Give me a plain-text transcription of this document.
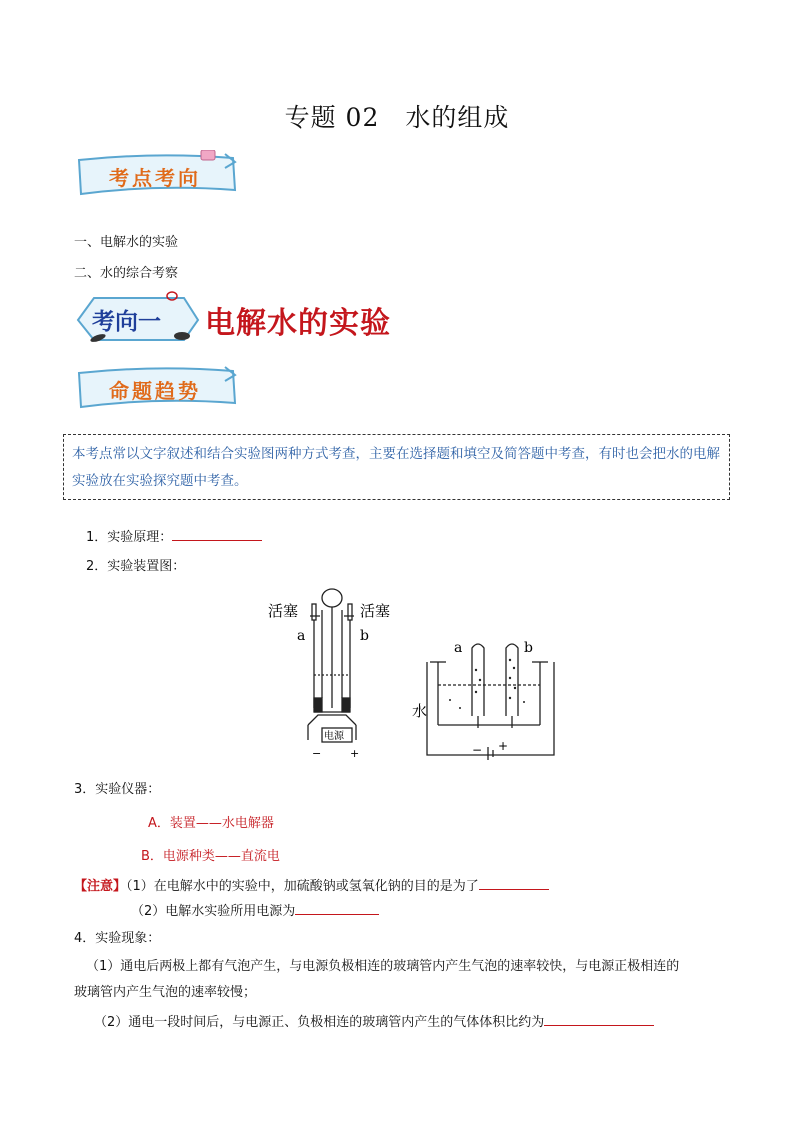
专题 02 水的组成
考点考向
一、电解水的实验
二、水的综合考察
考向一 电解水的实验
命题趋势
本考点常以文字叙述和结合实验图两种方式考查，主要在选择题和填空及简答题中考查，有时也会把水的电解实验放在实验探究题中考查。
1．实验原理：
2．实验装置图：
活塞	活塞
a	b
电源
−	+
a	b
水
− +
3．实验仪器：
A．装置——水电解器
B．电源种类——直流电
【注意】（1）在电解水中的实验中，加硫酸钠或氢氧化钠的目的是为了
（2）电解水实验所用电源为
4．实验现象：
（1）通电后两极上都有气泡产生，与电源负极相连的玻璃管内产生气泡的速率较快，与电源正极相连的
玻璃管内产生气泡的速率较慢；
（2）通电一段时间后，与电源正、负极相连的玻璃管内产生的气体体积比约为
